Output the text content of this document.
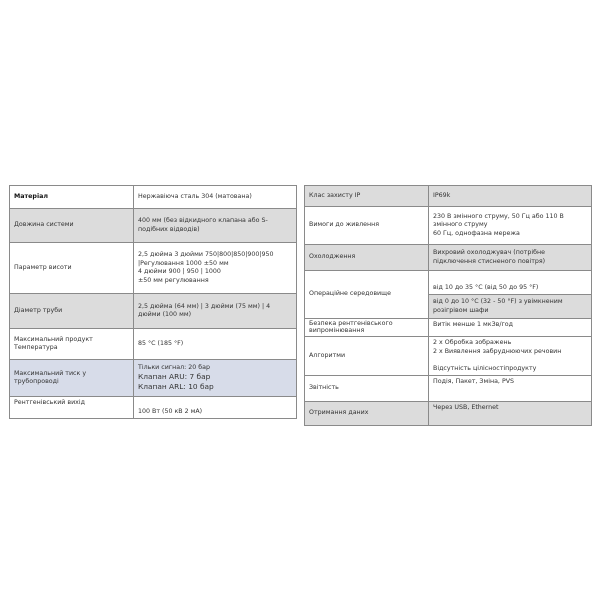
Матеріал	Нержавіюча сталь 304 (матована)

Довжина системи	400 мм (без відкидного клапана або S-подібних відводів)

Параметр висоти	2,5 дюйма 3 дюйми 750|800|850|900|950
|Регулювання 1000 ±50 мм
4 дюйми 900 | 950 | 1000
±50 мм регулювання

Діаметр труби	2,5 дюйма (64 мм) | 3 дюйми (75 мм) | 4 дюйми (100 мм)

Максимальний продукт Температура	85 °C (185 °F)

Максимальний тиск у трубопроводі	Тільки сигнал: 20 бар
Клапан ARU: 7 бар
Клапан ARL: 10 бар

Рентгенівський вихід	100 Вт (50 кВ 2 мА)
Клас захисту IP	IP69k

Вимоги до живлення	230 В змінного струму, 50 Гц або 110 В змінного струму
60 Гц, однофазна мережа

Охолодження	Вихровий охолоджувач (потрібне підключення стисненого повітря)

Операційне середовище	від 10 до 35 °C (від 50 до 95 °F)
	від 0 до 10 °C (32 - 50 °F) з увімкненим розігрівом шафи
Безпека рентгенівського випромінювання	Витік менше 1 мкЗв/год

Алгоритми	2 x Обробка зображень
2 x Виявлення забруднюючих речовин

Відсутність цілісностіпродукту

Звітність	Подія, Пакет, Зміна, PVS

Отримання даних	Через USB, Ethernet
